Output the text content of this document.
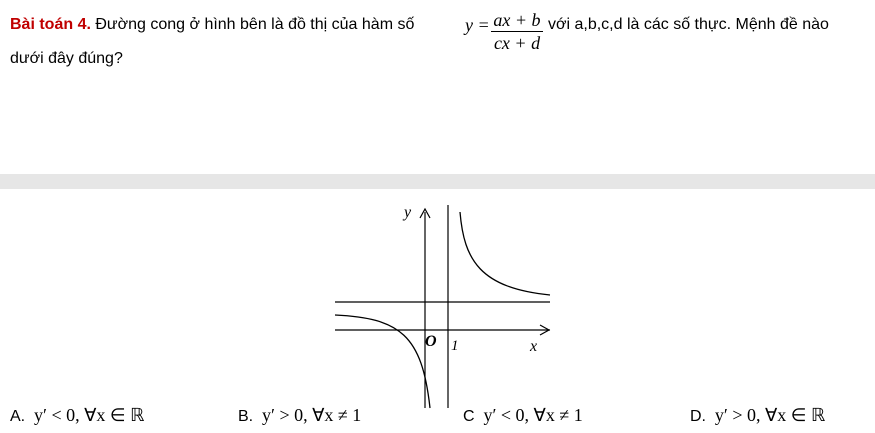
Bài toán 4. Đường cong ở hình bên là đồ thị của hàm số	y = ax + b
cx + d
với a,b,c,d là các số thực. Mệnh đề nào
dưới đây đúng?
y
x
O 1
A. y′ < 0, ∀x ∈ ℝ	B. y′ > 0, ∀x ≠ 1	C y′ < 0, ∀x ≠ 1	D. y′ > 0, ∀x ∈ ℝ
